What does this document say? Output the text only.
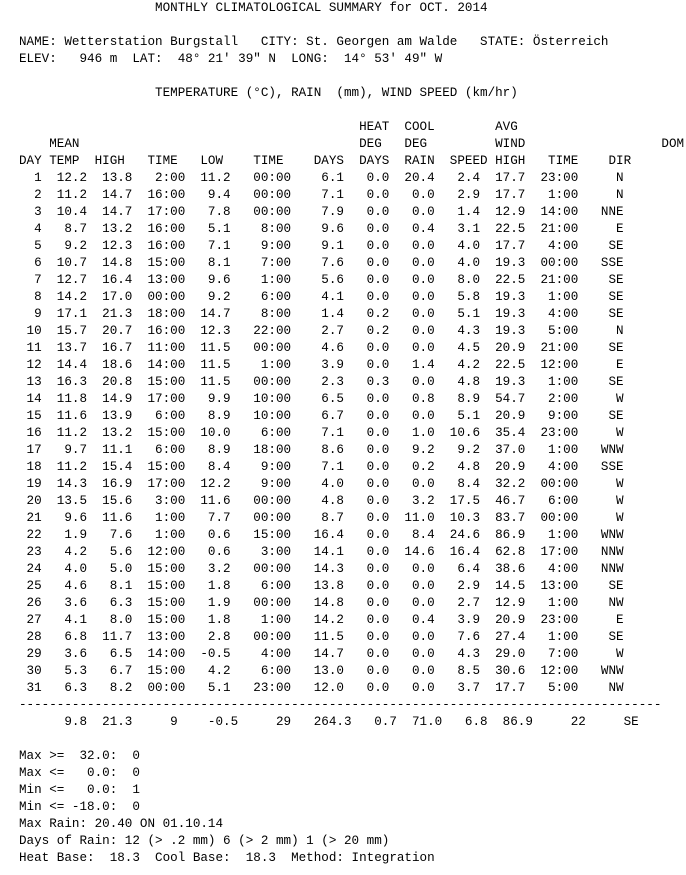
MONTHLY CLIMATOLOGICAL SUMMARY for OCT. 2014
NAME: Wetterstation Burgstall   CITY: St. Georgen am Walde   STATE: Österreich
ELEV:   946 m  LAT:  48° 21' 39" N  LONG:  14° 53' 49" W
TEMPERATURE (°C), RAIN  (mm), WIND SPEED (km/hr)
HEAT  COOL        AVG
MEAN                                     DEG   DEG         WIND                  DOM
DAY TEMP  HIGH   TIME   LOW    TIME    DAYS  DAYS  RAIN  SPEED HIGH   TIME    DIR
1  12.2  13.8   2:00  11.2   00:00    6.1   0.0  20.4   2.4  17.7  23:00     N
2  11.2  14.7  16:00   9.4   00:00    7.1   0.0   0.0   2.9  17.7   1:00     N
3  10.4  14.7  17:00   7.8   00:00    7.9   0.0   0.0   1.4  12.9  14:00   NNE
4   8.7  13.2  16:00   5.1    8:00    9.6   0.0   0.4   3.1  22.5  21:00     E
5   9.2  12.3  16:00   7.1    9:00    9.1   0.0   0.0   4.0  17.7   4:00    SE
6  10.7  14.8  15:00   8.1    7:00    7.6   0.0   0.0   4.0  19.3  00:00   SSE
7  12.7  16.4  13:00   9.6    1:00    5.6   0.0   0.0   8.0  22.5  21:00    SE
8  14.2  17.0  00:00   9.2    6:00    4.1   0.0   0.0   5.8  19.3   1:00    SE
9  17.1  21.3  18:00  14.7    8:00    1.4   0.2   0.0   5.1  19.3   4:00    SE
10  15.7  20.7  16:00  12.3   22:00    2.7   0.2   0.0   4.3  19.3   5:00     N
11  13.7  16.7  11:00  11.5   00:00    4.6   0.0   0.0   4.5  20.9  21:00    SE
12  14.4  18.6  14:00  11.5    1:00    3.9   0.0   1.4   4.2  22.5  12:00     E
13  16.3  20.8  15:00  11.5   00:00    2.3   0.3   0.0   4.8  19.3   1:00    SE
14  11.8  14.9  17:00   9.9   10:00    6.5   0.0   0.8   8.9  54.7   2:00     W
15  11.6  13.9   6:00   8.9   10:00    6.7   0.0   0.0   5.1  20.9   9:00    SE
16  11.2  13.2  15:00  10.0    6:00    7.1   0.0   1.0  10.6  35.4  23:00     W
17   9.7  11.1   6:00   8.9   18:00    8.6   0.0   9.2   9.2  37.0   1:00   WNW
18  11.2  15.4  15:00   8.4    9:00    7.1   0.0   0.2   4.8  20.9   4:00   SSE
19  14.3  16.9  17:00  12.2    9:00    4.0   0.0   0.0   8.4  32.2  00:00     W
20  13.5  15.6   3:00  11.6   00:00    4.8   0.0   3.2  17.5  46.7   6:00     W
21   9.6  11.6   1:00   7.7   00:00    8.7   0.0  11.0  10.3  83.7  00:00     W
22   1.9   7.6   1:00   0.6   15:00   16.4   0.0   8.4  24.6  86.9   1:00   WNW
23   4.2   5.6  12:00   0.6    3:00   14.1   0.0  14.6  16.4  62.8  17:00   NNW
24   4.0   5.0  15:00   3.2   00:00   14.3   0.0   0.0   6.4  38.6   4:00   NNW
25   4.6   8.1  15:00   1.8    6:00   13.8   0.0   0.0   2.9  14.5  13:00    SE
26   3.6   6.3  15:00   1.9   00:00   14.8   0.0   0.0   2.7  12.9   1:00    NW
27   4.1   8.0  15:00   1.8    1:00   14.2   0.0   0.4   3.9  20.9  23:00     E
28   6.8  11.7  13:00   2.8   00:00   11.5   0.0   0.0   7.6  27.4   1:00    SE
29   3.6   6.5  14:00  -0.5    4:00   14.7   0.0   0.0   4.3  29.0   7:00     W
30   5.3   6.7  15:00   4.2    6:00   13.0   0.0   0.0   8.5  30.6  12:00   WNW
31   6.3   8.2  00:00   5.1   23:00   12.0   0.0   0.0   3.7  17.7   5:00    NW
-------------------------------------------------------------------------------------
9.8  21.3     9    -0.5     29   264.3   0.7  71.0   6.8  86.9     22     SE
Max >=  32.0:  0
Max <=   0.0:  0
Min <=   0.0:  1
Min <= -18.0:  0
Max Rain: 20.40 ON 01.10.14
Days of Rain: 12 (> .2 mm) 6 (> 2 mm) 1 (> 20 mm)
Heat Base:  18.3  Cool Base:  18.3  Method: Integration
